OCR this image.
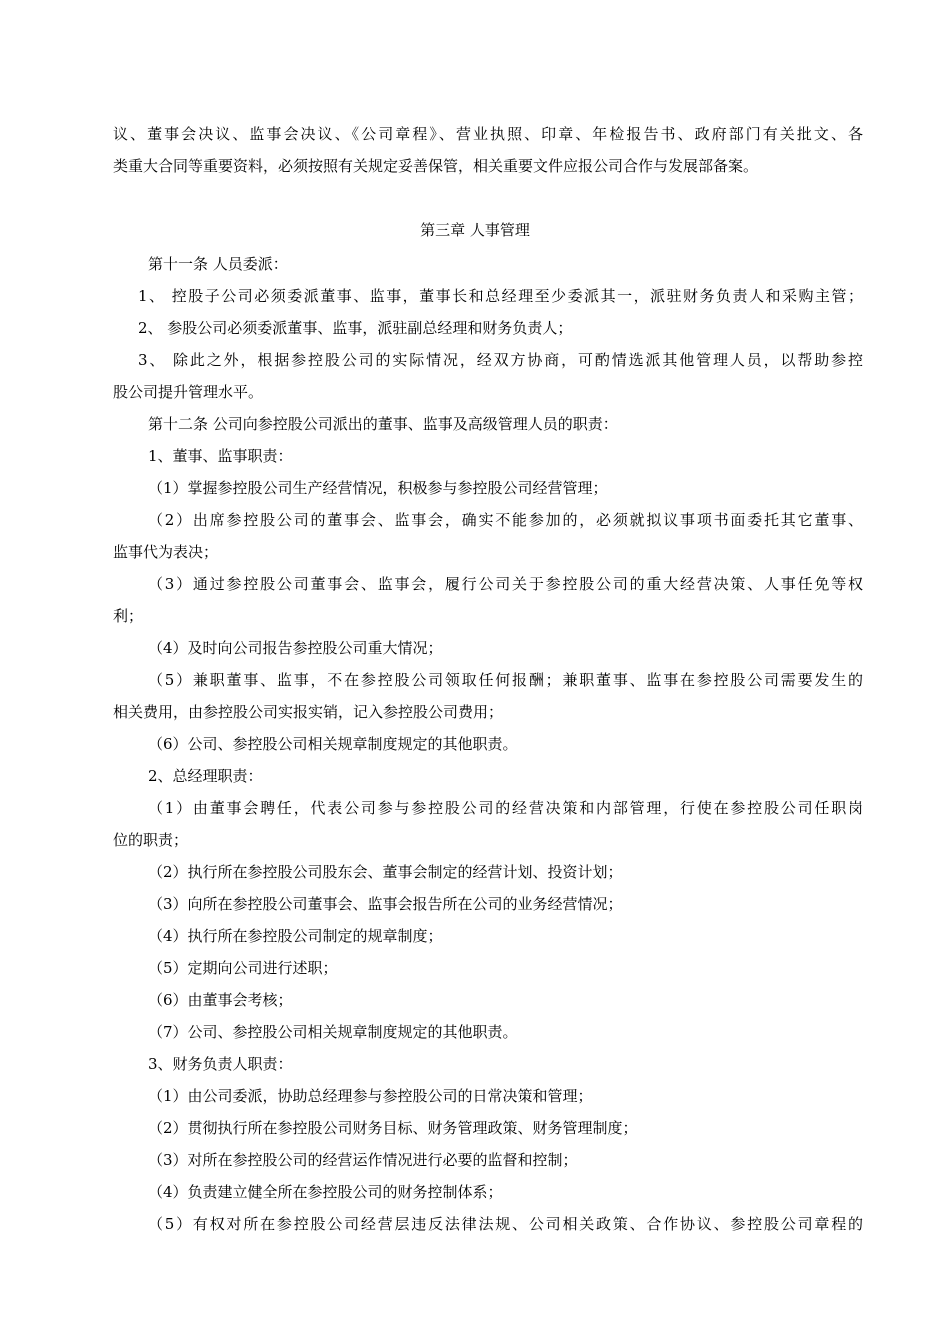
议、董事会决议、监事会决议、《公司章程》、营业执照、印章、年检报告书、政府部门有关批文、各
类重大合同等重要资料，必须按照有关规定妥善保管，相关重要文件应报公司合作与发展部备案。
第三章 人事管理
第十一条 人员委派：
1、 控股子公司必须委派董事、监事，董事长和总经理至少委派其一，派驻财务负责人和采购主管；
2、 参股公司必须委派董事、监事，派驻副总经理和财务负责人；
3、 除此之外，根据参控股公司的实际情况，经双方协商，可酌情选派其他管理人员，以帮助参控
股公司提升管理水平。
第十二条 公司向参控股公司派出的董事、监事及高级管理人员的职责：
1、董事、监事职责：
（1）掌握参控股公司生产经营情况，积极参与参控股公司经营管理；
（2）出席参控股公司的董事会、监事会，确实不能参加的，必须就拟议事项书面委托其它董事、
监事代为表决；
（3）通过参控股公司董事会、监事会，履行公司关于参控股公司的重大经营决策、人事任免等权
利；
（4）及时向公司报告参控股公司重大情况；
（5）兼职董事、监事，不在参控股公司领取任何报酬；兼职董事、监事在参控股公司需要发生的
相关费用，由参控股公司实报实销，记入参控股公司费用；
（6）公司、参控股公司相关规章制度规定的其他职责。
2、总经理职责：
（1）由董事会聘任，代表公司参与参控股公司的经营决策和内部管理，行使在参控股公司任职岗
位的职责；
（2）执行所在参控股公司股东会、董事会制定的经营计划、投资计划；
（3）向所在参控股公司董事会、监事会报告所在公司的业务经营情况；
（4）执行所在参控股公司制定的规章制度；
（5）定期向公司进行述职；
（6）由董事会考核；
（7）公司、参控股公司相关规章制度规定的其他职责。
3、财务负责人职责：
（1）由公司委派，协助总经理参与参控股公司的日常决策和管理；
（2）贯彻执行所在参控股公司财务目标、财务管理政策、财务管理制度；
（3）对所在参控股公司的经营运作情况进行必要的监督和控制；
（4）负责建立健全所在参控股公司的财务控制体系；
（5）有权对所在参控股公司经营层违反法律法规、公司相关政策、合作协议、参控股公司章程的
